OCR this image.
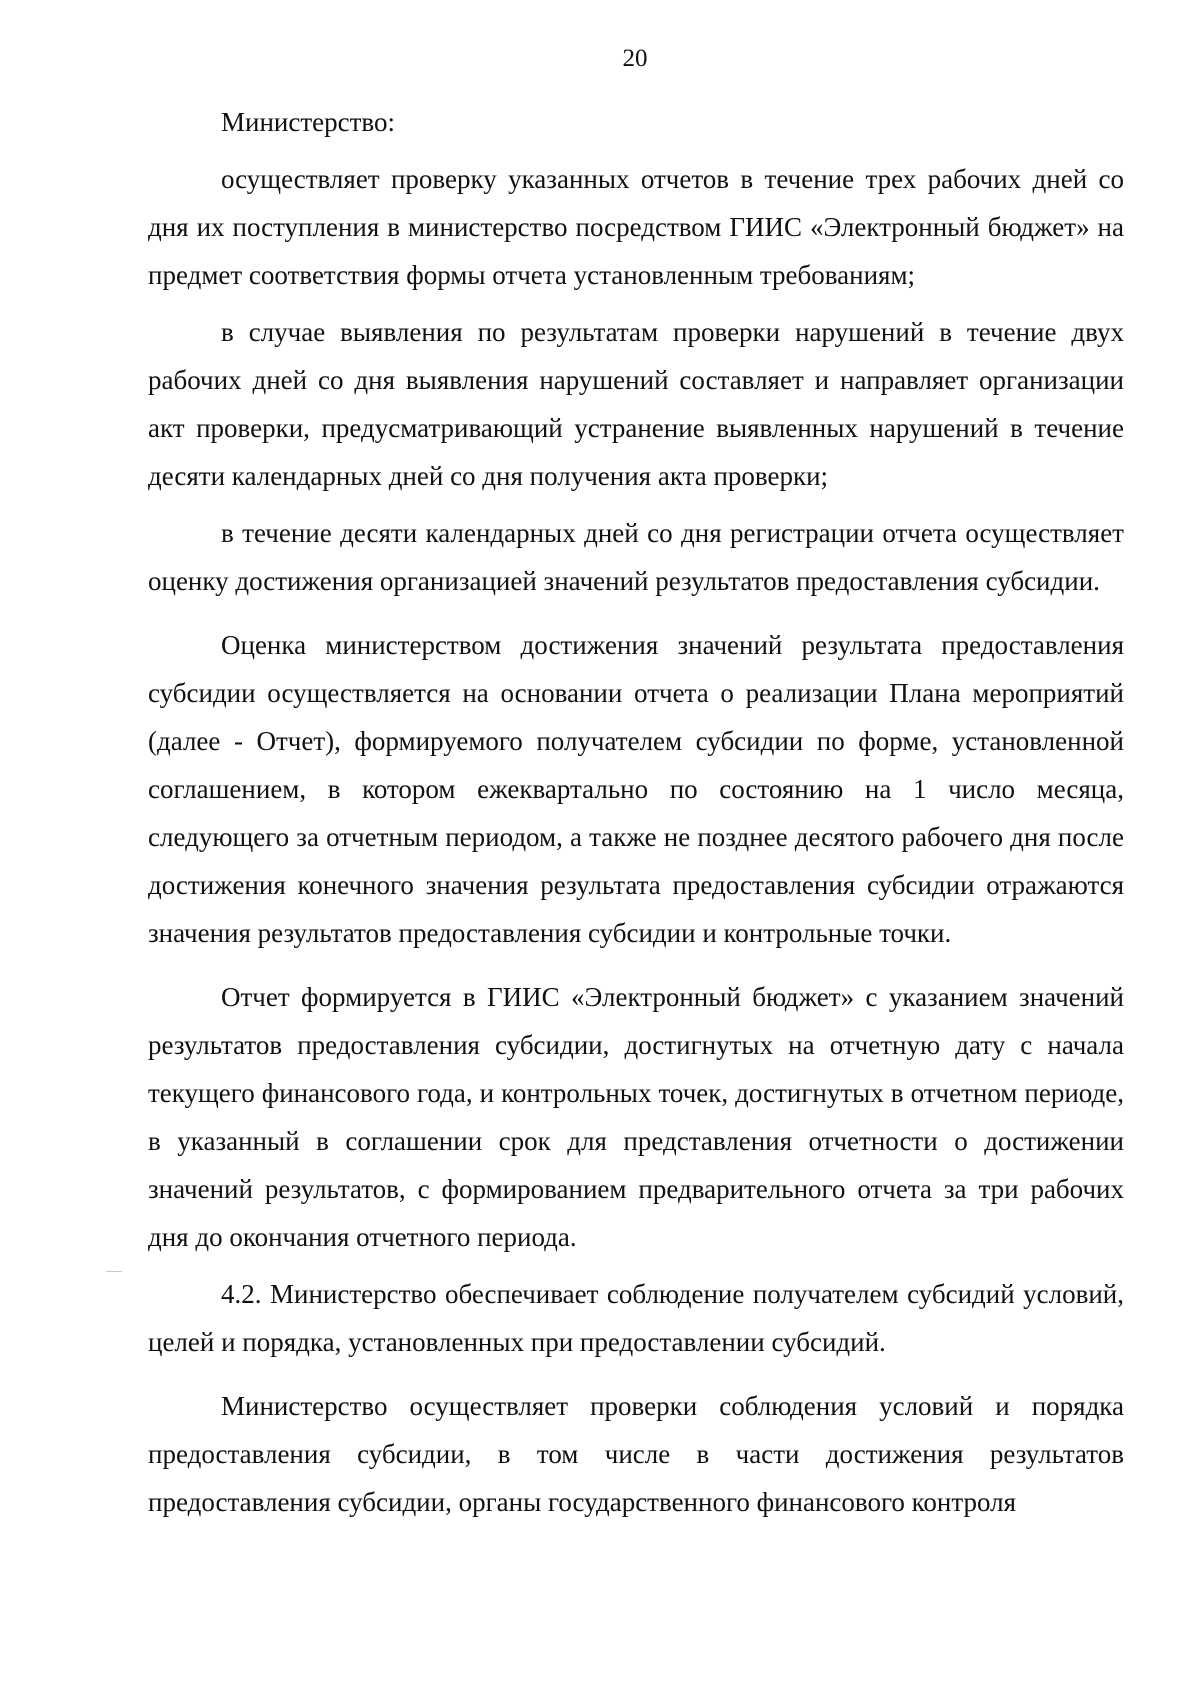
20

Министерство:

осуществляет проверку указанных отчетов в течение трех рабочих дней со дня их поступления в министерство посредством ГИИС «Электронный бюджет» на предмет соответствия формы отчета установленным требованиям;

в случае выявления по результатам проверки нарушений в течение двух рабочих дней со дня выявления нарушений составляет и направляет организации акт проверки, предусматривающий устранение выявленных нарушений в течение десяти календарных дней со дня получения акта проверки;

в течение десяти календарных дней со дня регистрации отчета осуществляет оценку достижения организацией значений результатов предоставления субсидии.

Оценка министерством достижения значений результата предоставления субсидии осуществляется на основании отчета о реализации Плана мероприятий (далее - Отчет), формируемого получателем субсидии по форме, установленной соглашением, в котором ежеквартально по состоянию на 1 число месяца, следующего за отчетным периодом, а также не позднее десятого рабочего дня после достижения конечного значения результата предоставления субсидии отражаются значения результатов предоставления субсидии и контрольные точки.

Отчет формируется в ГИИС «Электронный бюджет» с указанием значений результатов предоставления субсидии, достигнутых на отчетную дату с начала текущего финансового года, и контрольных точек, достигнутых в отчетном периоде, в указанный в соглашении срок для представления отчетности о достижении значений результатов, с формированием предварительного отчета за три рабочих дня до окончания отчетного периода.

4.2. Министерство обеспечивает соблюдение получателем субсидий условий, целей и порядка, установленных при предоставлении субсидий.

Министерство осуществляет проверки соблюдения условий и порядка предоставления субсидии, в том числе в части достижения результатов предоставления субсидии, органы государственного финансового контроля
